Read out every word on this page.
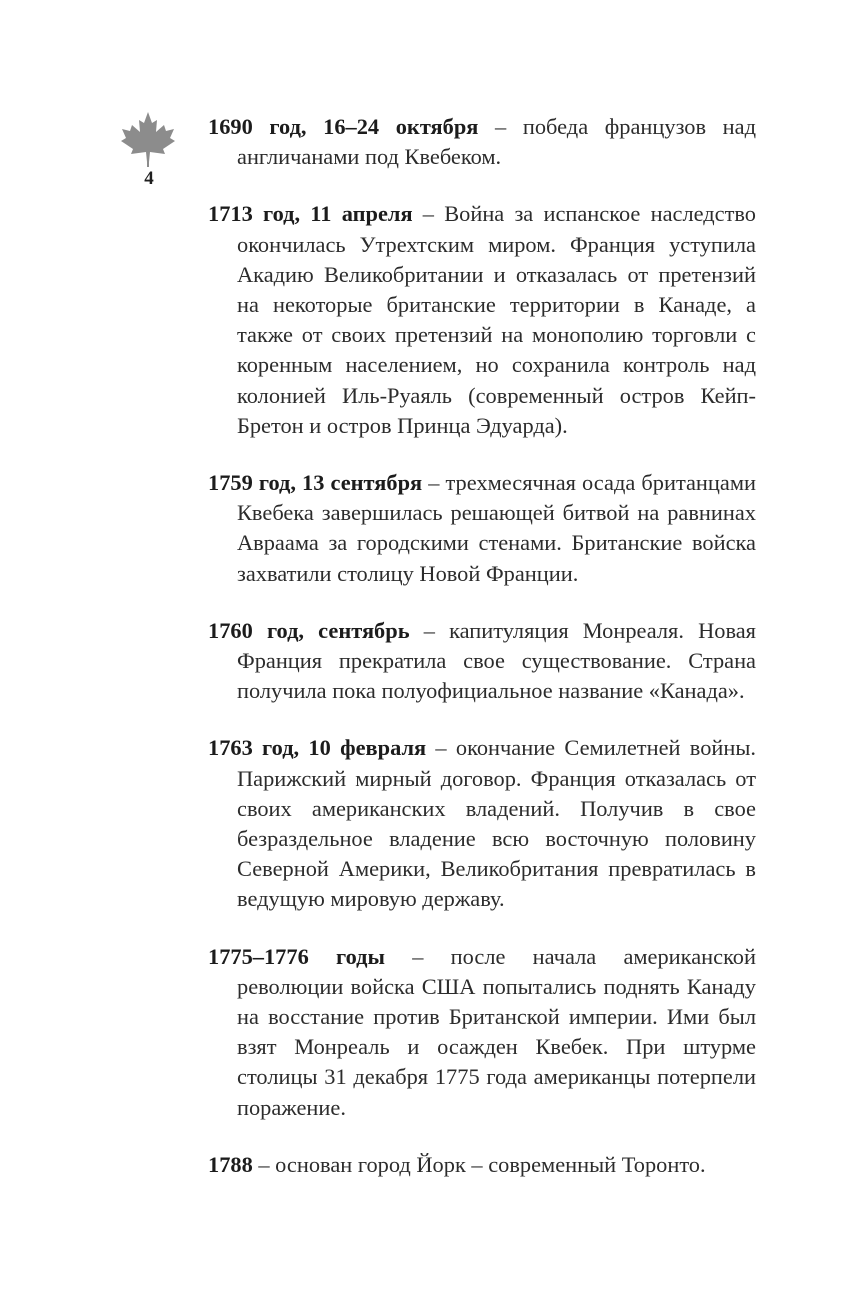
4

1690 год, 16–24 октября – победа французов над англичанами под Квебеком.

1713 год, 11 апреля – Война за испанское наследство окончилась Утрехтским миром. Франция уступила Акадию Великобритании и отказалась от претензий на некоторые британские территории в Канаде, а также от своих претензий на монополию торговли с коренным населением, но сохранила контроль над колонией Иль-Руаяль (современный остров Кейп-Бретон и остров Принца Эдуарда).

1759 год, 13 сентября – трехмесячная осада британцами Квебека завершилась решающей битвой на равнинах Авраама за городскими стенами. Британские войска захватили столицу Новой Франции.

1760 год, сентябрь – капитуляция Монреаля. Новая Франция прекратила свое существование. Страна получила пока полуофициальное название «Канада».

1763 год, 10 февраля – окончание Семилетней войны. Парижский мирный договор. Франция отказалась от своих американских владений. Получив в свое безраздельное владение всю восточную половину Северной Америки, Великобритания превратилась в ведущую мировую державу.

1775–1776 годы – после начала американской революции войска США попытались поднять Канаду на восстание против Британской империи. Ими был взят Монреаль и осажден Квебек. При штурме столицы 31 декабря 1775 года американцы потерпели поражение.

1788 – основан город Йорк – современный Торонто.
